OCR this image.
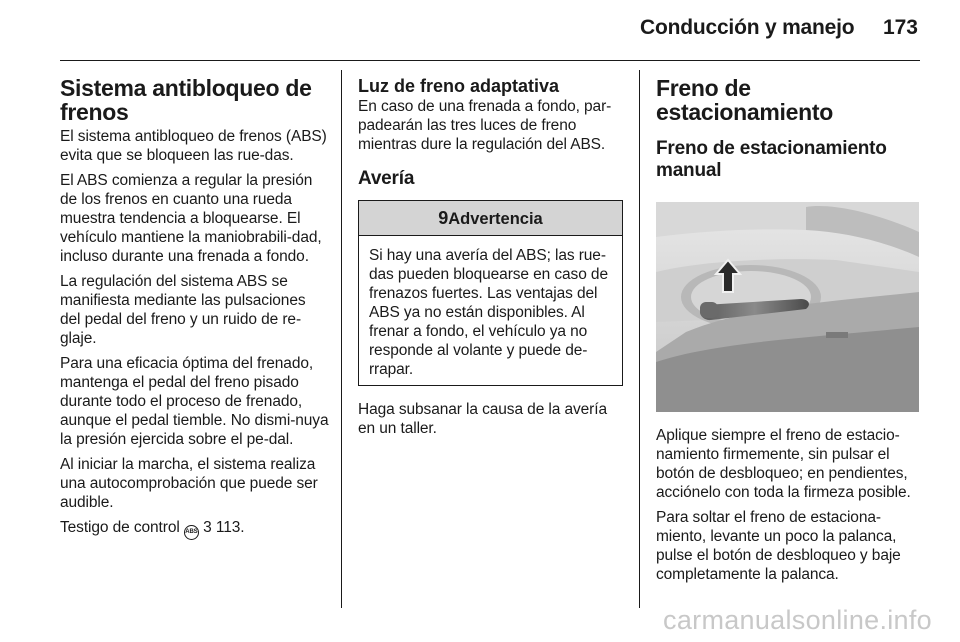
Conducción y manejo 173
Sistema antibloqueo de frenos

El sistema antibloqueo de frenos (ABS) evita que se bloqueen las rue-das.

El ABS comienza a regular la presión de los frenos en cuanto una rueda muestra tendencia a bloquearse. El vehículo mantiene la maniobrabili-dad, incluso durante una frenada a fondo.

La regulación del sistema ABS se manifiesta mediante las pulsaciones del pedal del freno y un ruido de re-glaje.

Para una eficacia óptima del frenado, mantenga el pedal del freno pisado durante todo el proceso de frenado, aunque el pedal tiemble. No dismi-nuya la presión ejercida sobre el pe-dal.

Al iniciar la marcha, el sistema realiza una autocomprobación que puede ser audible.

Testigo de control ABS 3 113.

Luz de freno adaptativa

En caso de una frenada a fondo, par-padearán las tres luces de freno mientras dure la regulación del ABS.

Avería
9Advertencia

Si hay una avería del ABS; las rue-das pueden bloquearse en caso de frenazos fuertes. Las ventajas del ABS ya no están disponibles. Al frenar a fondo, el vehículo ya no responde al volante y puede de-rrapar.

Haga subsanar la causa de la avería en un taller.

Freno de estacionamiento
Freno de estacionamiento manual

Aplique siempre el freno de estacio-namiento firmemente, sin pulsar el botón de desbloqueo; en pendientes, acciónelo con toda la firmeza posible.

Para soltar el freno de estaciona-miento, levante un poco la palanca, pulse el botón de desbloqueo y baje completamente la palanca.

carmanualsonline.info
